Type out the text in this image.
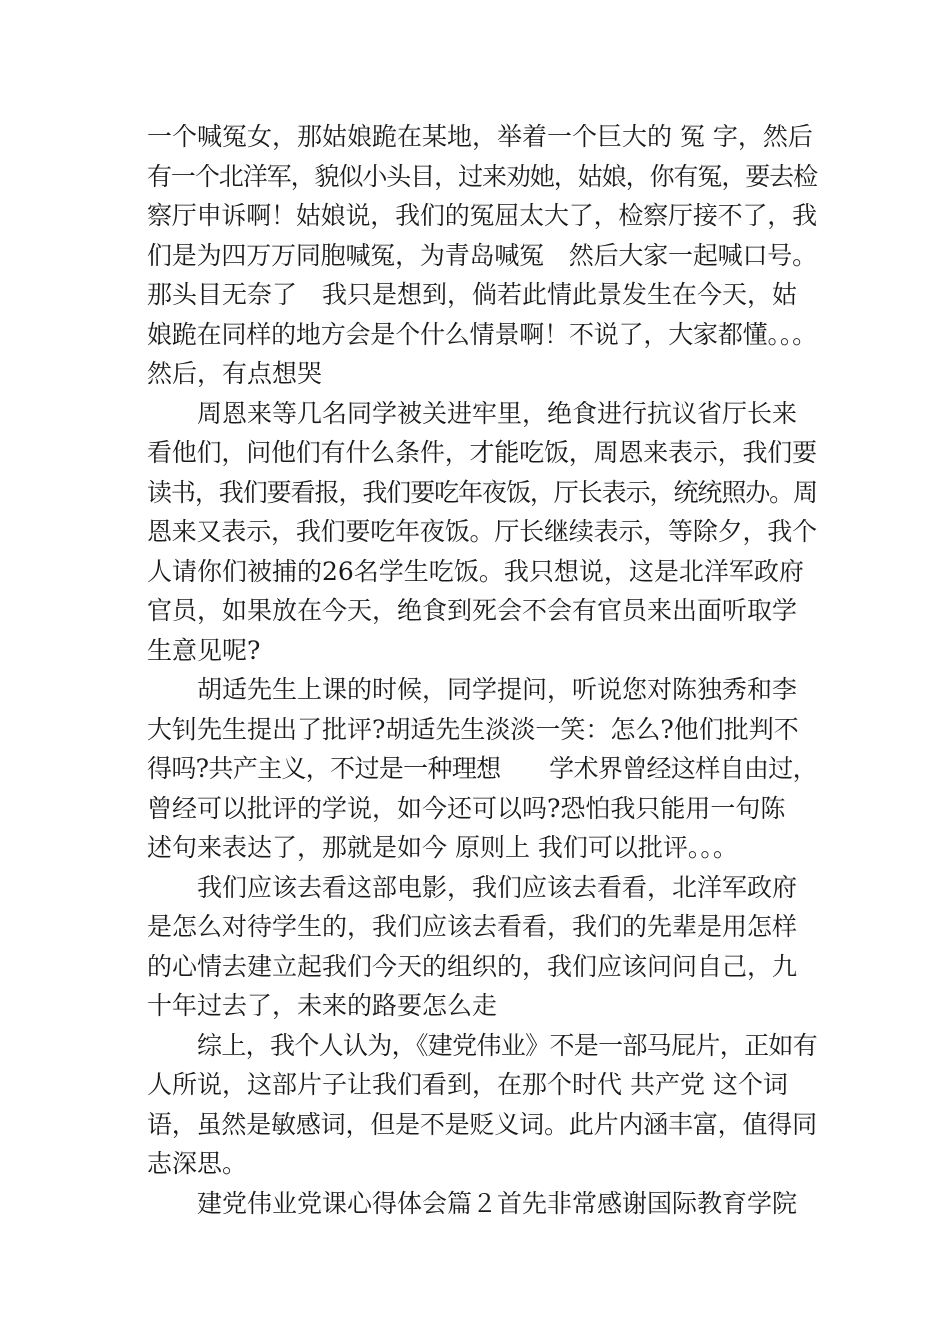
一个喊冤女，那姑娘跪在某地，举着一个巨大的 冤 字，然后
有一个北洋军，貌似小头目，过来劝她，姑娘，你有冤，要去检
察厅申诉啊！姑娘说，我们的冤屈太大了，检察厅接不了，我
们是为四万万同胞喊冤，为青岛喊冤　然后大家一起喊口号。
那头目无奈了　我只是想到，倘若此情此景发生在今天，姑
娘跪在同样的地方会是个什么情景啊！不说了，大家都懂。。。
然后，有点想哭
周恩来等几名同学被关进牢里，绝食进行抗议省厅长来
看他们，问他们有什么条件，才能吃饭，周恩来表示，我们要
读书，我们要看报，我们要吃年夜饭，厅长表示，统统照办。周
恩来又表示，我们要吃年夜饭。厅长继续表示，等除夕，我个
人请你们被捕的26名学生吃饭。我只想说，这是北洋军政府
官员，如果放在今天，绝食到死会不会有官员来出面听取学
生意见呢?
胡适先生上课的时候，同学提问，听说您对陈独秀和李
大钊先生提出了批评?胡适先生淡淡一笑：怎么?他们批判不
得吗?共产主义，不过是一种理想　　学术界曾经这样自由过，
曾经可以批评的学说，如今还可以吗?恐怕我只能用一句陈
述句来表达了，那就是如今 原则上 我们可以批评。。。
我们应该去看这部电影，我们应该去看看，北洋军政府
是怎么对待学生的，我们应该去看看，我们的先辈是用怎样
的心情去建立起我们今天的组织的，我们应该问问自己，九
十年过去了，未来的路要怎么走
综上，我个人认为，《建党伟业》不是一部马屁片，正如有
人所说，这部片子让我们看到，在那个时代 共产党 这个词
语，虽然是敏感词，但是不是贬义词。此片内涵丰富，值得同
志深思。
建党伟业党课心得体会篇２首先非常感谢国际教育学院
